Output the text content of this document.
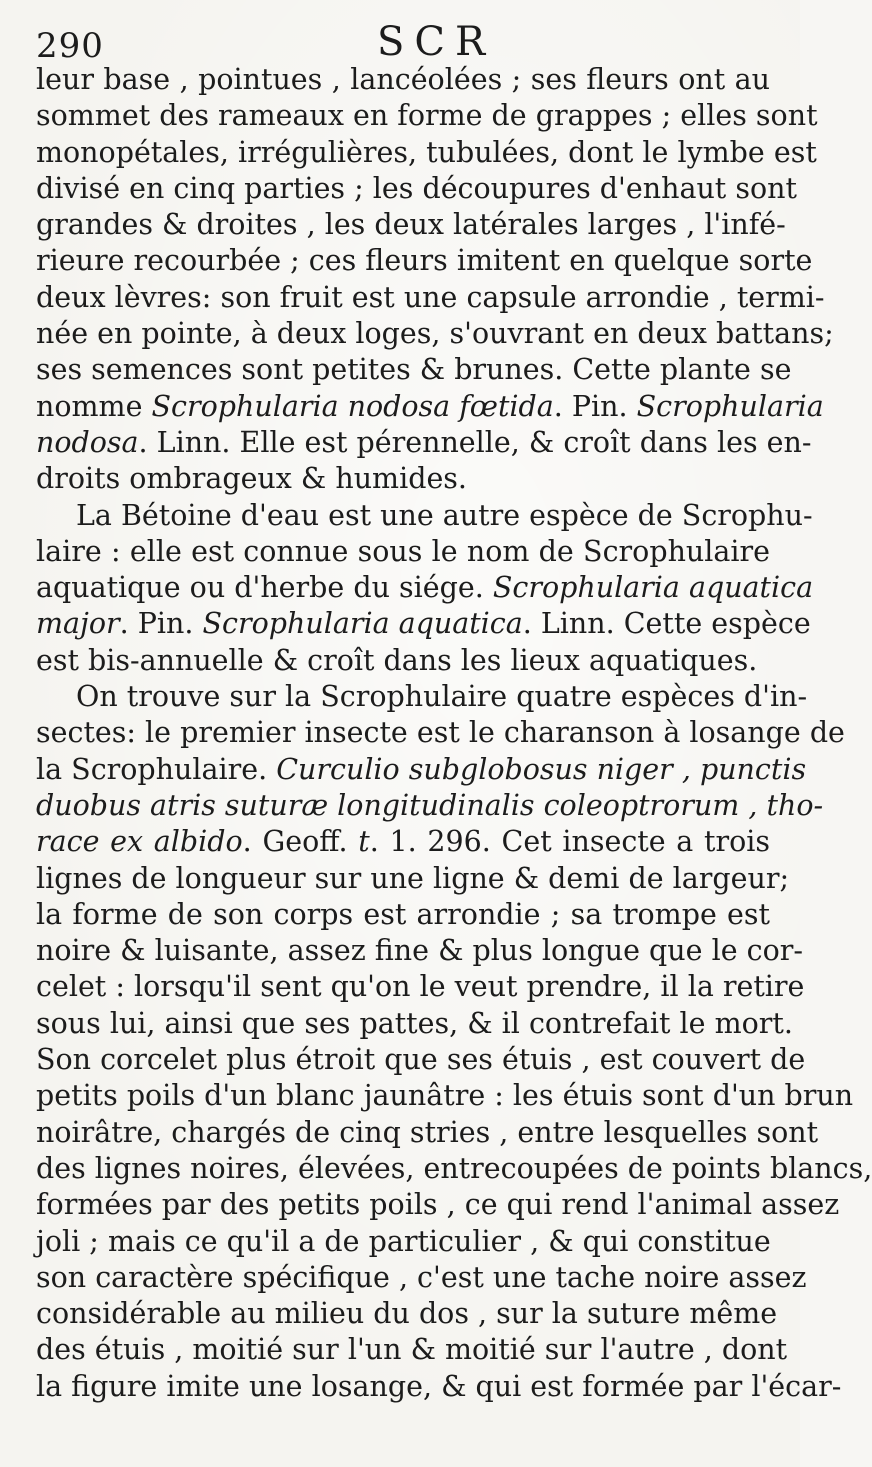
290	SCR
leur base , pointues , lancéolées ; ses fleurs ont au
sommet des rameaux en forme de grappes ; elles sont
monopétales, irrégulières, tubulées, dont le lymbe est
divisé en cinq parties ; les découpures d'enhaut sont
grandes & droites , les deux latérales larges , l'infé-
rieure recourbée ; ces fleurs imitent en quelque sorte
deux lèvres: son fruit est une capsule arrondie , termi-
née en pointe, à deux loges, s'ouvrant en deux battans;
ses semences sont petites & brunes. Cette plante se
nomme Scrophularia nodosa fœtida. Pin. Scrophularia
nodosa. Linn. Elle est pérennelle, & croît dans les en-
droits ombrageux & humides.
La Bétoine d'eau est une autre espèce de Scrophu-
laire : elle est connue sous le nom de Scrophulaire
aquatique ou d'herbe du siége. Scrophularia aquatica
major. Pin. Scrophularia aquatica. Linn. Cette espèce
est bis-annuelle & croît dans les lieux aquatiques.
On trouve sur la Scrophulaire quatre espèces d'in-
sectes: le premier insecte est le charanson à losange de
la Scrophulaire. Curculio subglobosus niger , punctis
duobus atris suturæ longitudinalis coleoptrorum , tho-
race ex albido. Geoff. t. 1. 296. Cet insecte a trois
lignes de longueur sur une ligne & demi de largeur;
la forme de son corps est arrondie ; sa trompe est
noire & luisante, assez fine & plus longue que le cor-
celet : lorsqu'il sent qu'on le veut prendre, il la retire
sous lui, ainsi que ses pattes, & il contrefait le mort.
Son corcelet plus étroit que ses étuis , est couvert de
petits poils d'un blanc jaunâtre : les étuis sont d'un brun
noirâtre, chargés de cinq stries , entre lesquelles sont
des lignes noires, élevées, entrecoupées de points blancs,
formées par des petits poils , ce qui rend l'animal assez
joli ; mais ce qu'il a de particulier , & qui constitue
son caractère spécifique , c'est une tache noire assez
considérable au milieu du dos , sur la suture même
des étuis , moitié sur l'un & moitié sur l'autre , dont
la figure imite une losange, & qui est formée par l'écar-
